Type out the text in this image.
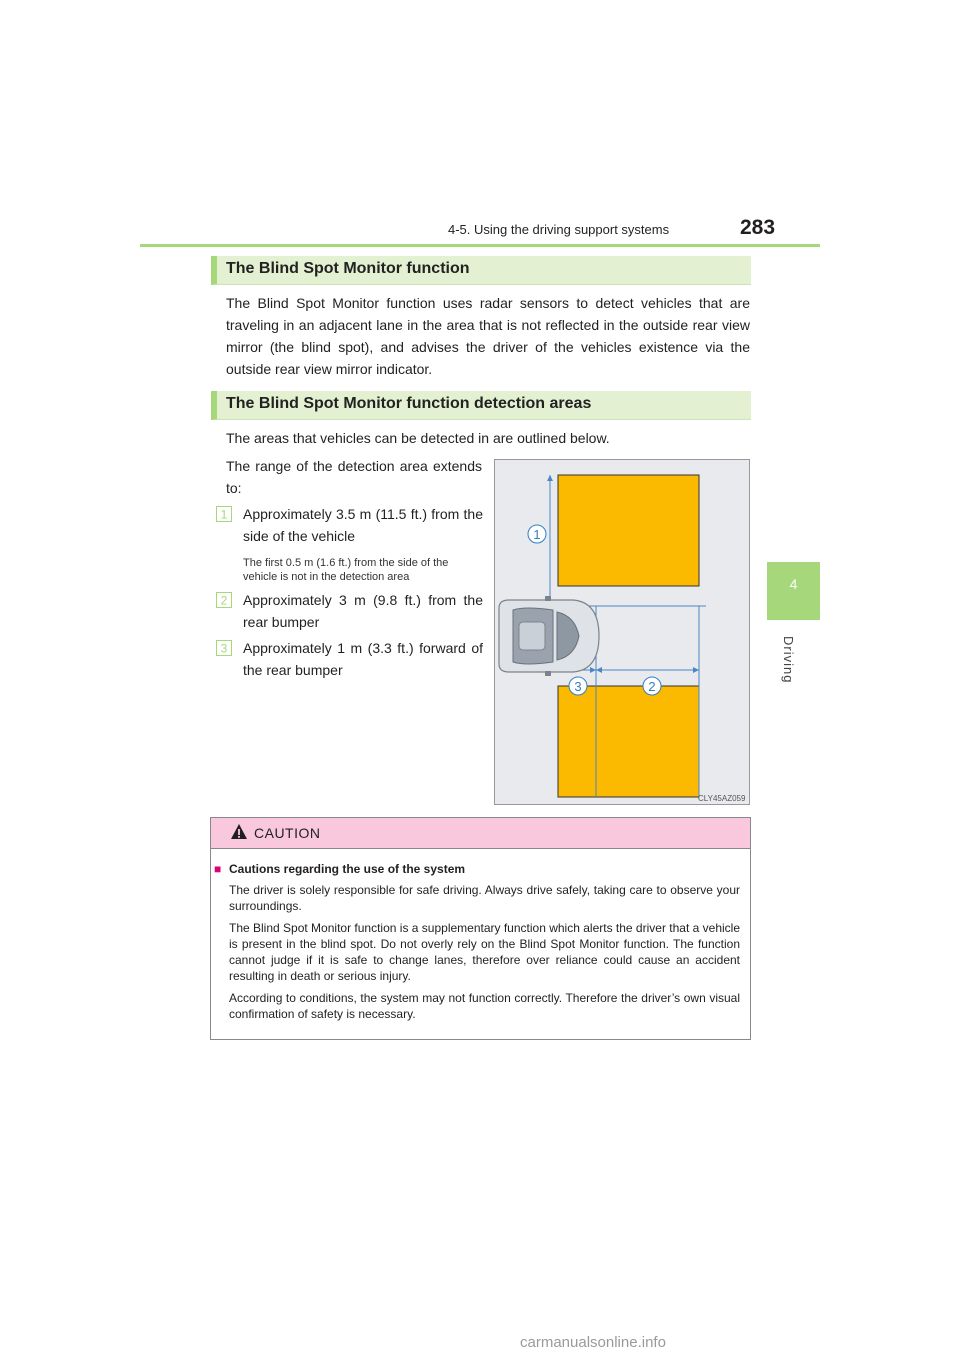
4-5. Using the driving support systems	283
4
Driving
The Blind Spot Monitor function
The Blind Spot Monitor function uses radar sensors to detect vehicles that are traveling in an adjacent lane in the area that is not reflected in the outside rear view mirror (the blind spot), and advises the driver of the vehicles existence via the outside rear view mirror indicator.
The Blind Spot Monitor function detection areas
The areas that vehicles can be detected in are outlined below.
The range of the detection area extends to:
1 Approximately 3.5 m (11.5 ft.) from the side of the vehicle
The first 0.5 m (1.6 ft.) from the side of the vehicle is not in the detection area
2 Approximately 3 m (9.8 ft.) from the rear bumper
3 Approximately 1 m (3.3 ft.) forward of the rear bumper
1
3	2
CLY45AZ059
CAUTION
■ Cautions regarding the use of the system
The driver is solely responsible for safe driving. Always drive safely, taking care to observe your surroundings.
The Blind Spot Monitor function is a supplementary function which alerts the driver that a vehicle is present in the blind spot. Do not overly rely on the Blind Spot Monitor function. The function cannot judge if it is safe to change lanes, therefore over reliance could cause an accident resulting in death or serious injury.
According to conditions, the system may not function correctly. Therefore the driver’s own visual confirmation of safety is necessary.
carmanualsonline.info
